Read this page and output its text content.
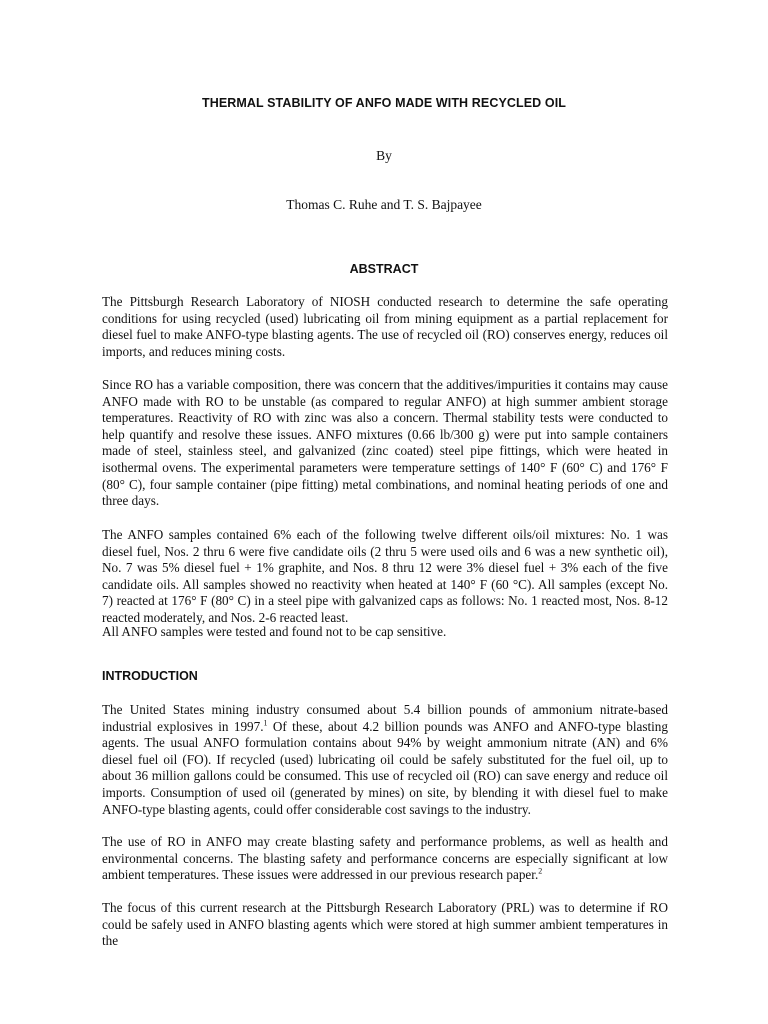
THERMAL STABILITY OF ANFO MADE WITH RECYCLED OIL
By
Thomas C. Ruhe and T. S. Bajpayee
ABSTRACT

The Pittsburgh Research Laboratory of NIOSH conducted research to determine the safe operating conditions for using recycled (used) lubricating oil from mining equipment as a partial replacement for diesel fuel to make ANFO-type blasting agents. The use of recycled oil (RO) conserves energy, reduces oil imports, and reduces mining costs.

Since RO has a variable composition, there was concern that the additives/impurities it contains may cause ANFO made with RO to be unstable (as compared to regular ANFO) at high summer ambient storage temperatures. Reactivity of RO with zinc was also a concern. Thermal stability tests were conducted to help quantify and resolve these issues. ANFO mixtures (0.66 lb/300 g) were put into sample containers made of steel, stainless steel, and galvanized (zinc coated) steel pipe fittings, which were heated in isothermal ovens. The experimental parameters were temperature settings of 140° F (60° C) and 176° F (80° C), four sample container (pipe fitting) metal combinations, and nominal heating periods of one and three days.

The ANFO samples contained 6% each of the following twelve different oils/oil mixtures: No. 1 was diesel fuel, Nos. 2 thru 6 were five candidate oils (2 thru 5 were used oils and 6 was a new synthetic oil), No. 7 was 5% diesel fuel + 1% graphite, and Nos. 8 thru 12 were 3% diesel fuel + 3% each of the five candidate oils. All samples showed no reactivity when heated at 140° F (60 °C). All samples (except No. 7) reacted at 176° F (80° C) in a steel pipe with galvanized caps as follows: No. 1 reacted most, Nos. 8-12 reacted moderately, and Nos. 2-6 reacted least.

All ANFO samples were tested and found not to be cap sensitive.

INTRODUCTION

The United States mining industry consumed about 5.4 billion pounds of ammonium nitrate-based industrial explosives in 1997.$^1$ Of these, about 4.2 billion pounds was ANFO and ANFO-type blasting agents. The usual ANFO formulation contains about 94% by weight ammonium nitrate (AN) and 6% diesel fuel oil (FO). If recycled (used) lubricating oil could be safely substituted for the fuel oil, up to about 36 million gallons could be consumed. This use of recycled oil (RO) can save energy and reduce oil imports. Consumption of used oil (generated by mines) on site, by blending it with diesel fuel to make ANFO-type blasting agents, could offer considerable cost savings to the industry.

The use of RO in ANFO may create blasting safety and performance problems, as well as health and environmental concerns. The blasting safety and performance concerns are especially significant at low ambient temperatures. These issues were addressed in our previous research paper.$^2$

The focus of this current research at the Pittsburgh Research Laboratory (PRL) was to determine if RO could be safely used in ANFO blasting agents which were stored at high summer ambient temperatures in the
